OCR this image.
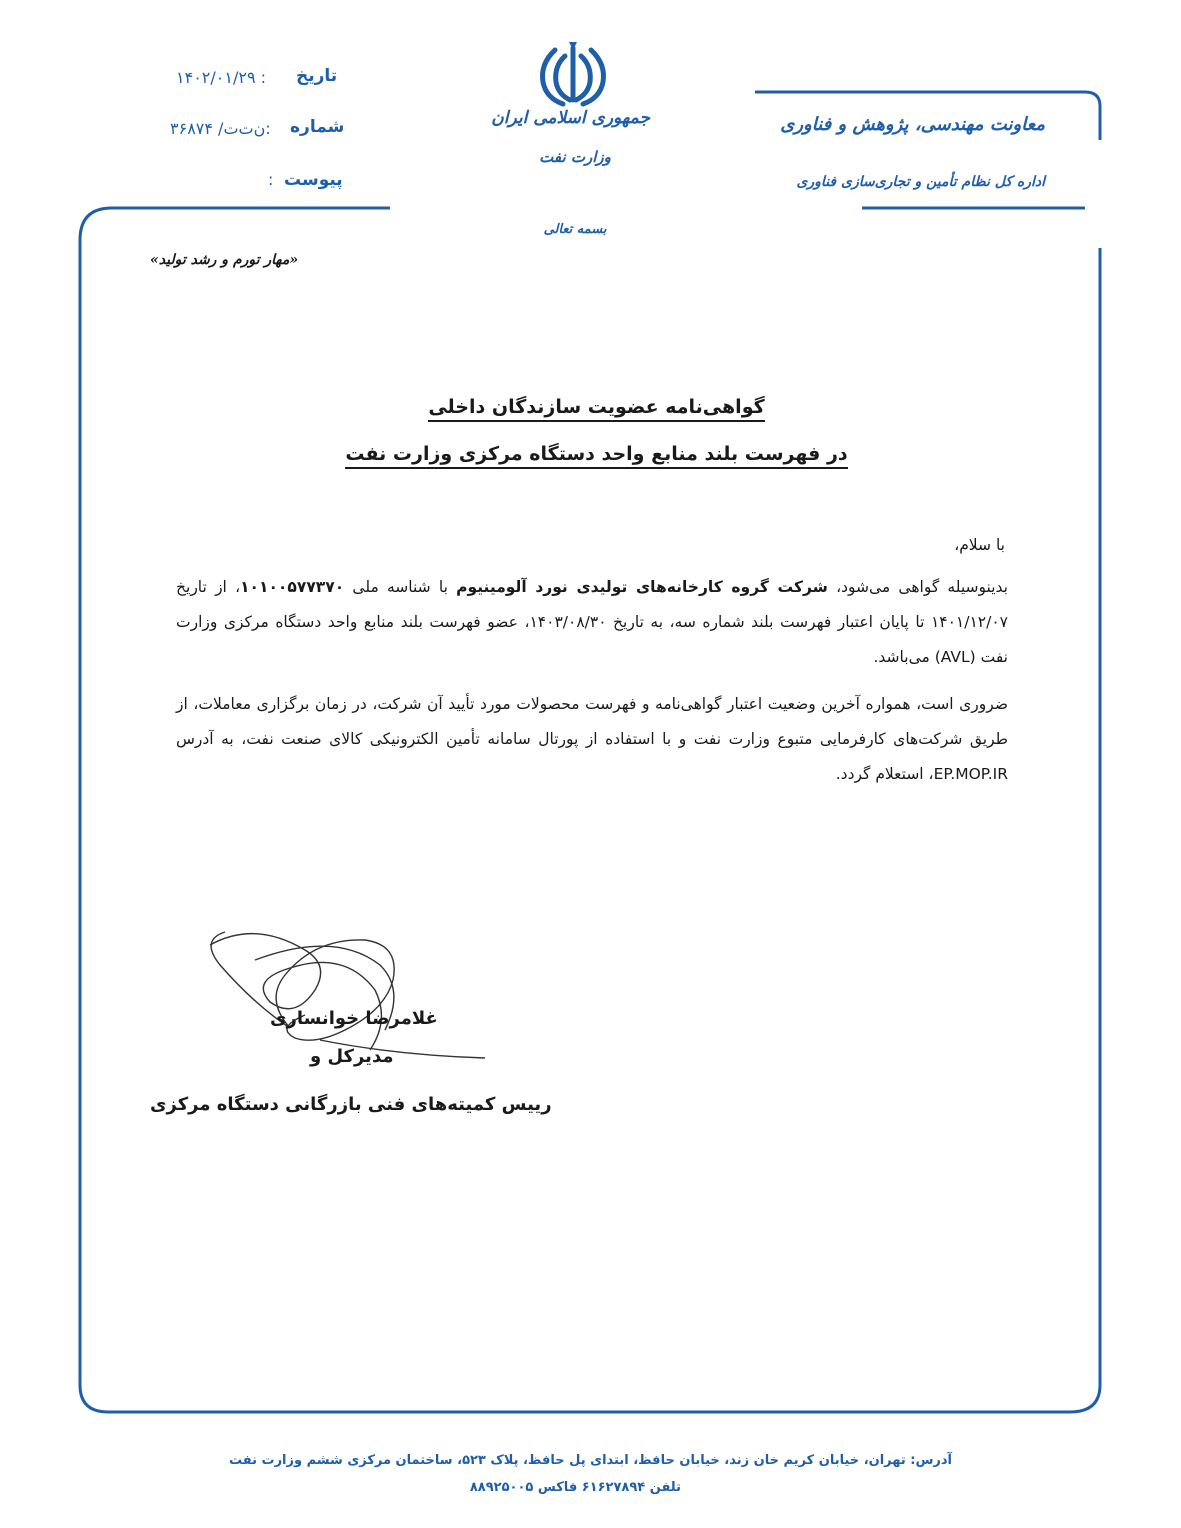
تاریخ
: ۱۴۰۲/۰۱/۲۹
شماره
:ن‌ت‌ت/ ۳۶۸۷۴
پیوست
:
جمهوری اسلامی ایران
وزارت نفت
بسمه تعالی
معاونت مهندسی، پژوهش و فناوری
اداره کل نظام تأمین و تجاری‌سازی فناوری
«مهار تورم و رشد تولید»
گواهی‌نامه عضویت سازندگان داخلی
در فهرست بلند منابع واحد دستگاه مرکزی وزارت نفت
با سلام،
بدینوسیله گواهی می‌شود، شرکت گروه کارخانه‌های تولیدی نورد آلومینیوم با شناسه ملی ۱۰۱۰۰۵۷۷۳۷۰، از تاریخ ۱۴۰۱/۱۲/۰۷ تا پایان اعتبار فهرست بلند شماره سه، به تاریخ ۱۴۰۳/۰۸/۳۰، عضو فهرست بلند منابع واحد دستگاه مرکزی وزارت نفت (AVL) می‌باشد.
ضروری است، همواره آخرین وضعیت اعتبار گواهی‌نامه و فهرست محصولات مورد تأیید آن شرکت، در زمان برگزاری معاملات، از طریق شرکت‌های کارفرمایی متبوع وزارت نفت و با استفاده از پورتال سامانه تأمین الکترونیکی کالای صنعت نفت، به آدرس EP.MOP.IR، استعلام گردد.
غلامرضا خوانساری
مدیرکل و
رییس کمیته‌های فنی بازرگانی دستگاه مرکزی
آدرس: تهران، خیابان کریم خان زند، خیابان حافظ، ابتدای پل حافظ، پلاک ۵۲۳، ساختمان مرکزی ششم وزارت نفت
تلفن ۶۱۶۲۷۸۹۴ فاکس ۸۸۹۲۵۰۰۵
